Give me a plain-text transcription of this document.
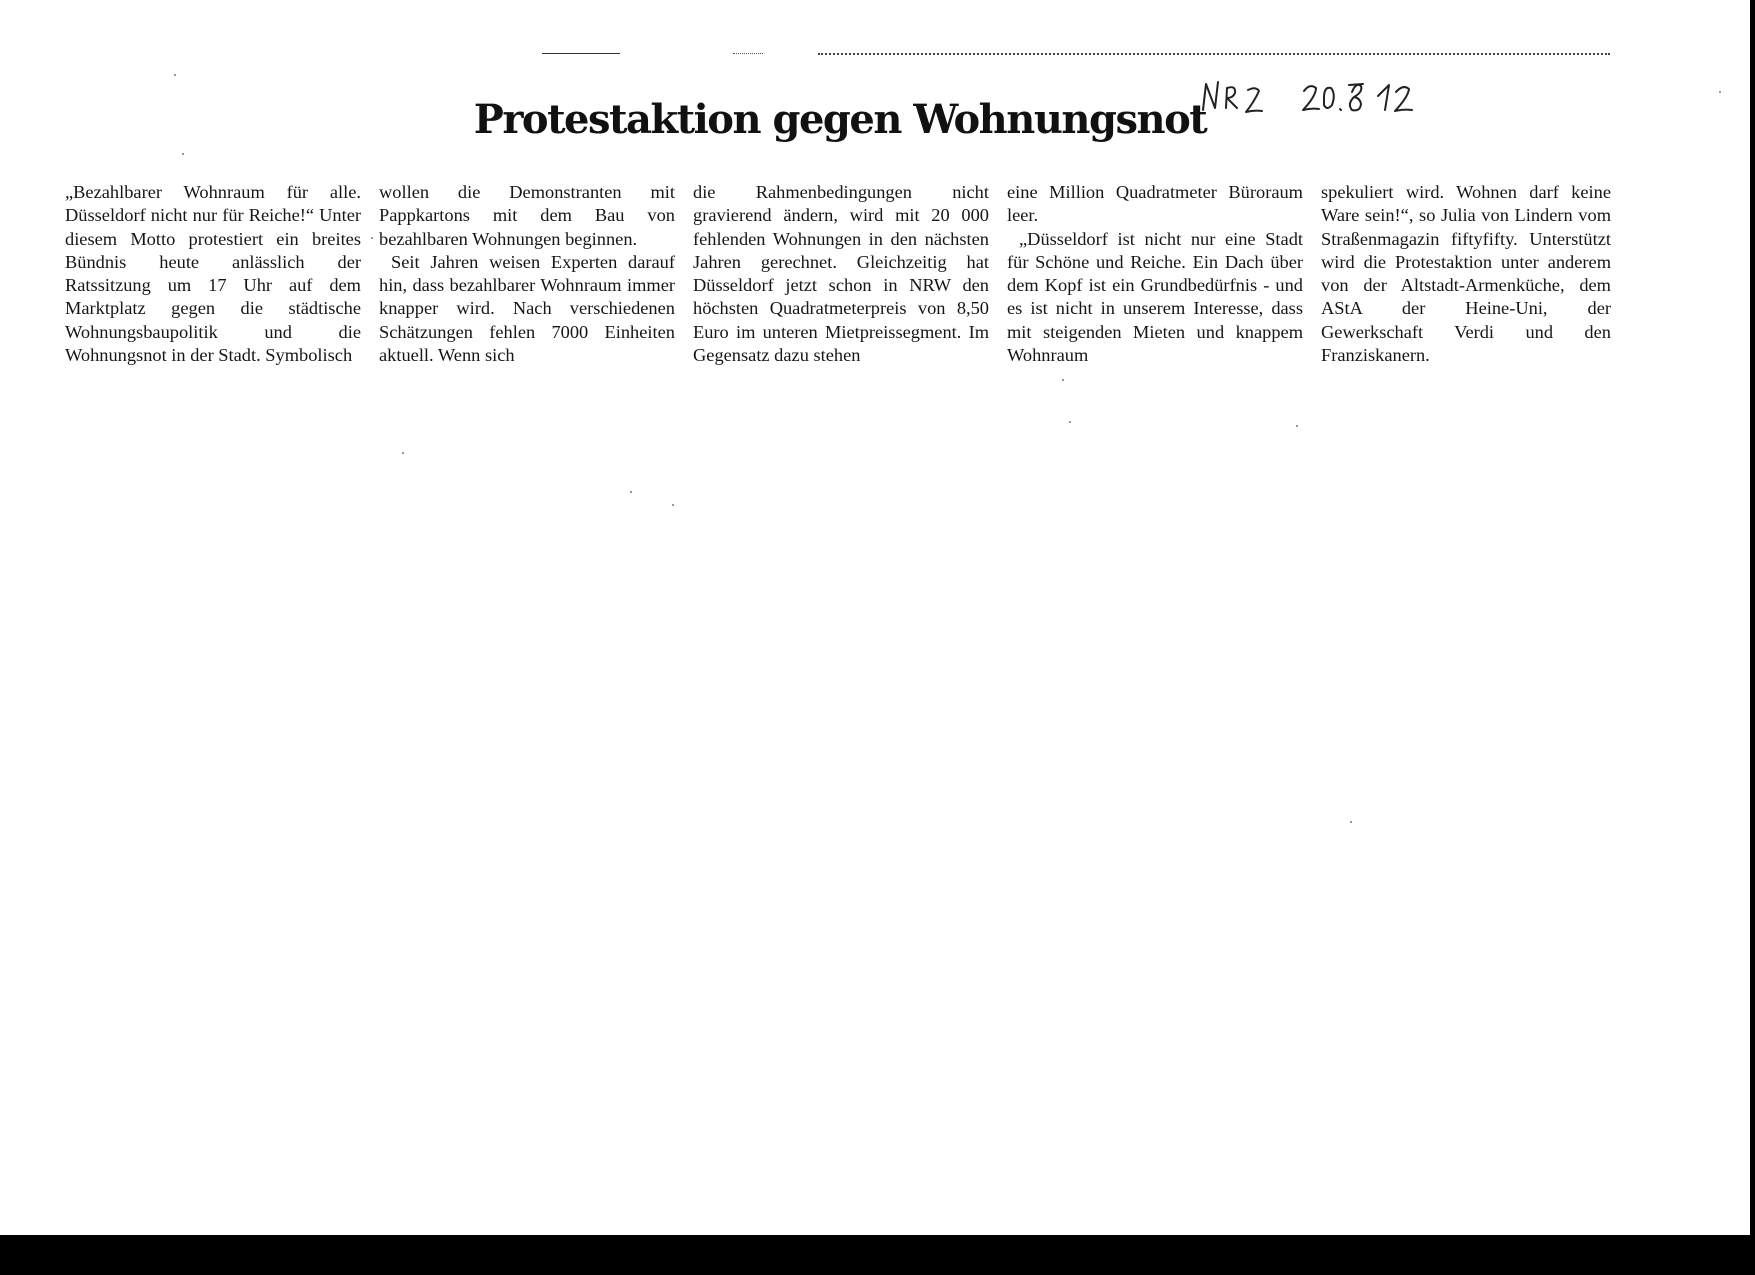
Protestaktion gegen Wohnungsnot

„Bezahlbarer Wohnraum für alle. Düsseldorf nicht nur für Reiche!“ Unter diesem Motto protestiert ein breites Bündnis heute anlässlich der Ratssitzung um 17 Uhr auf dem Marktplatz gegen die städtische Wohnungsbaupolitik und die Wohnungsnot in der Stadt. Symbolisch

wollen die Demonstranten mit Pappkartons mit dem Bau von bezahlbaren Wohnungen beginnen.

Seit Jahren weisen Experten darauf hin, dass bezahlbarer Wohnraum immer knapper wird. Nach verschiedenen Schätzungen fehlen 7000 Einheiten aktuell. Wenn sich

die Rahmenbedingungen nicht gravierend ändern, wird mit 20 000 fehlenden Wohnungen in den nächsten Jahren gerechnet. Gleichzeitig hat Düsseldorf jetzt schon in NRW den höchsten Quadratmeterpreis von 8,50 Euro im unteren Mietpreissegment. Im Gegensatz dazu stehen

eine Million Quadratmeter Büroraum leer.

„Düsseldorf ist nicht nur eine Stadt für Schöne und Reiche. Ein Dach über dem Kopf ist ein Grundbedürfnis - und es ist nicht in unserem Interesse, dass mit steigenden Mieten und knappem Wohnraum

spekuliert wird. Wohnen darf keine Ware sein!“, so Julia von Lindern vom Straßenmagazin fiftyfifty. Unterstützt wird die Protestaktion unter anderem von der Altstadt-Armenküche, dem AStA der Heine-Uni, der Gewerkschaft Verdi und den Franziskanern.
